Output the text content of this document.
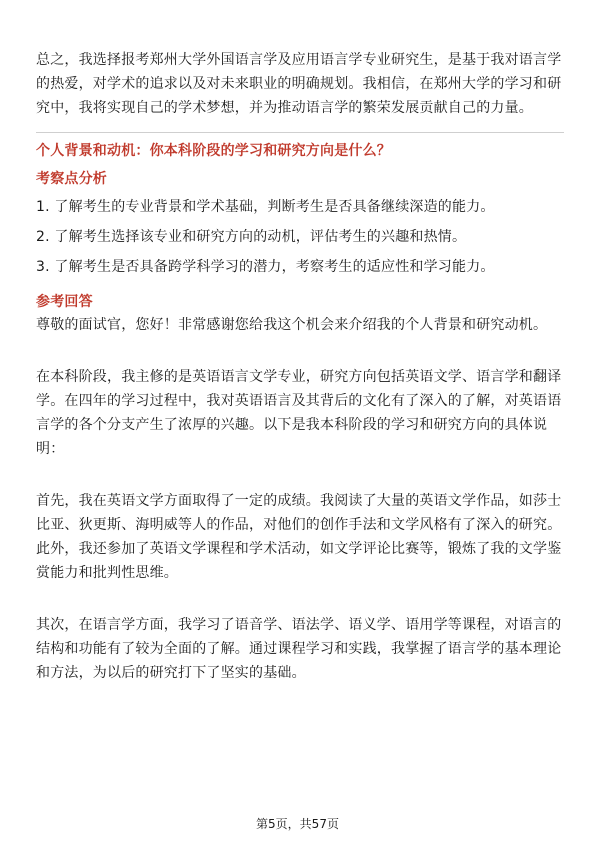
总之，我选择报考郑州大学外国语言学及应用语言学专业研究生，是基于我对语言学的热爱，对学术的追求以及对未来职业的明确规划。我相信，在郑州大学的学习和研究中，我将实现自己的学术梦想，并为推动语言学的繁荣发展贡献自己的力量。

个人背景和动机：你本科阶段的学习和研究方向是什么？

考察点分析

1. 了解考生的专业背景和学术基础，判断考生是否具备继续深造的能力。

2. 了解考生选择该专业和研究方向的动机，评估考生的兴趣和热情。

3. 了解考生是否具备跨学科学习的潜力，考察考生的适应性和学习能力。

参考回答

尊敬的面试官，您好！非常感谢您给我这个机会来介绍我的个人背景和研究动机。

在本科阶段，我主修的是英语语言文学专业，研究方向包括英语文学、语言学和翻译学。在四年的学习过程中，我对英语语言及其背后的文化有了深入的了解，对英语语言学的各个分支产生了浓厚的兴趣。以下是我本科阶段的学习和研究方向的具体说明：

首先，我在英语文学方面取得了一定的成绩。我阅读了大量的英语文学作品，如莎士比亚、狄更斯、海明威等人的作品，对他们的创作手法和文学风格有了深入的研究。此外，我还参加了英语文学课程和学术活动，如文学评论比赛等，锻炼了我的文学鉴赏能力和批判性思维。

其次，在语言学方面，我学习了语音学、语法学、语义学、语用学等课程，对语言的结构和功能有了较为全面的了解。通过课程学习和实践，我掌握了语言学的基本理论和方法，为以后的研究打下了坚实的基础。

第5页，共57页
